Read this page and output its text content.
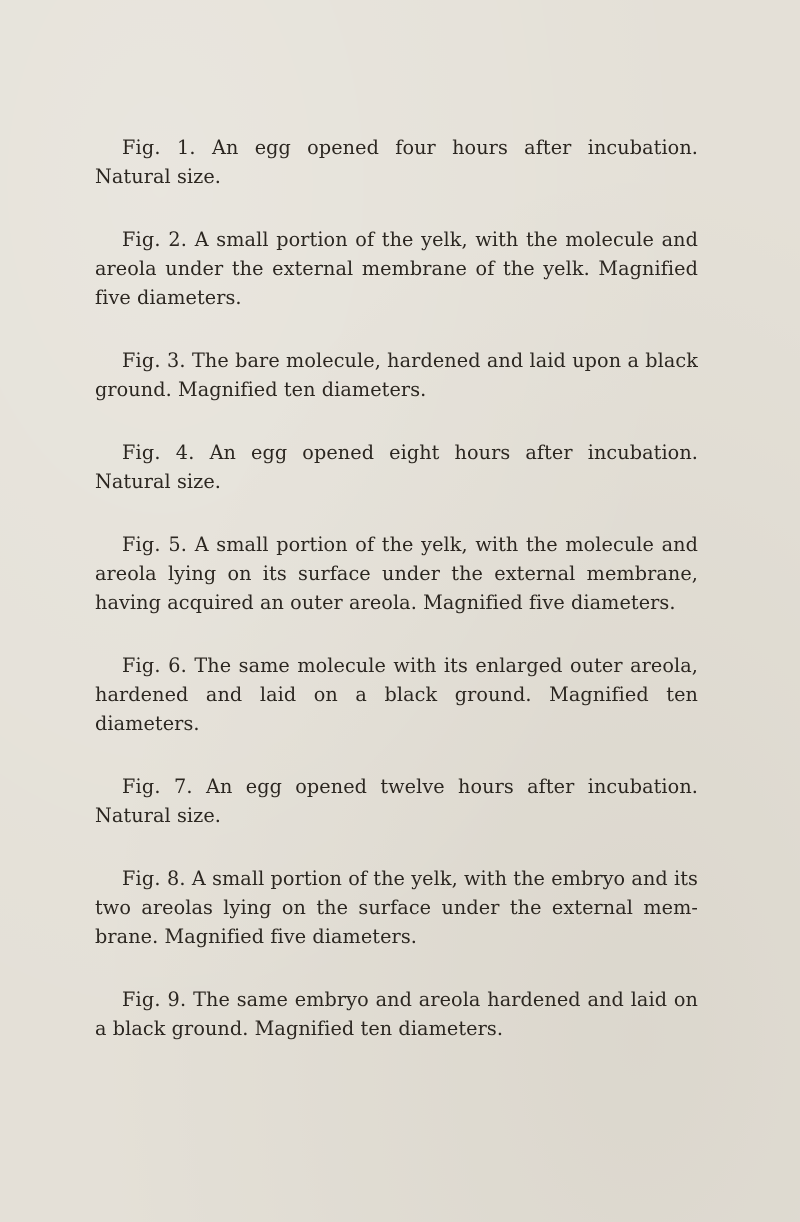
Fig. 1. An egg opened four hours after incubation. Natural size.
Fig. 2. A small portion of the yelk, with the molecule and areola under the external membrane of the yelk. Magnified five diameters.
Fig. 3. The bare molecule, hardened and laid upon a black ground. Magnified ten diameters.
Fig. 4. An egg opened eight hours after incubation. Natural size.
Fig. 5. A small portion of the yelk, with the molecule and areola lying on its surface under the external membrane, having acquired an outer areola. Magnified five diameters.
Fig. 6. The same molecule with its enlarged outer areola, hardened and laid on a black ground. Magnified ten diameters.
Fig. 7. An egg opened twelve hours after incubation. Natural size.
Fig. 8. A small portion of the yelk, with the embryo and its two areolas lying on the surface under the external mem- brane. Magnified five diameters.
Fig. 9. The same embryo and areola hardened and laid on a black ground. Magnified ten diameters.
